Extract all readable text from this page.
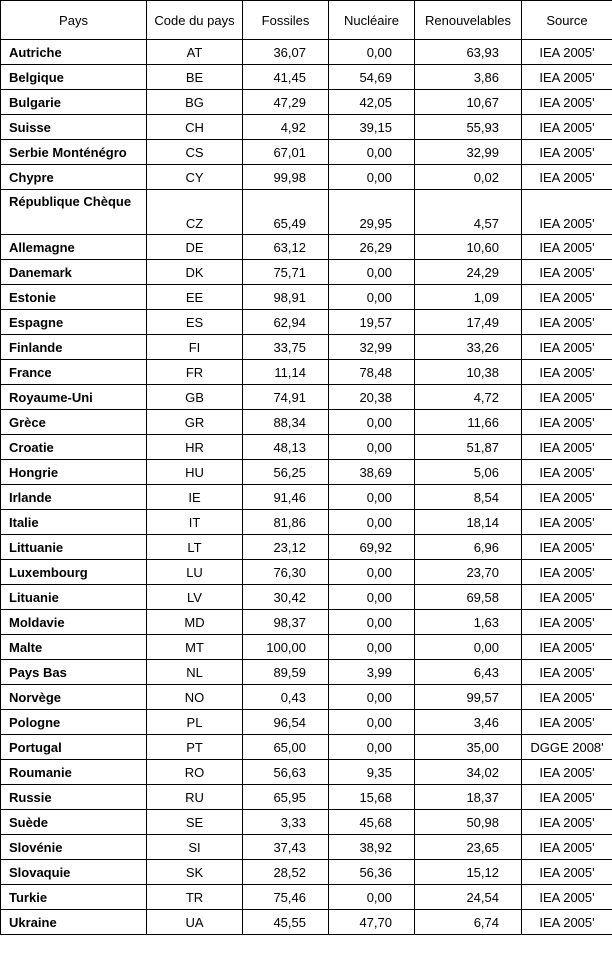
Pays	Code du pays	Fossiles	Nucléaire	Renouvelables	Source
Autriche	AT	36,07	0,00	63,93	IEA 2005'
Belgique	BE	41,45	54,69	3,86	IEA 2005'
Bulgarie	BG	47,29	42,05	10,67	IEA 2005'
Suisse	CH	4,92	39,15	55,93	IEA 2005'
Serbie Monténégro	CS	67,01	0,00	32,99	IEA 2005'
Chypre	CY	99,98	0,00	0,02	IEA 2005'
République Chèque	CZ	65,49	29,95	4,57	IEA 2005'
Allemagne	DE	63,12	26,29	10,60	IEA 2005'
Danemark	DK	75,71	0,00	24,29	IEA 2005'
Estonie	EE	98,91	0,00	1,09	IEA 2005'
Espagne	ES	62,94	19,57	17,49	IEA 2005'
Finlande	FI	33,75	32,99	33,26	IEA 2005'
France	FR	11,14	78,48	10,38	IEA 2005'
Royaume-Uni	GB	74,91	20,38	4,72	IEA 2005'
Grèce	GR	88,34	0,00	11,66	IEA 2005'
Croatie	HR	48,13	0,00	51,87	IEA 2005'
Hongrie	HU	56,25	38,69	5,06	IEA 2005'
Irlande	IE	91,46	0,00	8,54	IEA 2005'
Italie	IT	81,86	0,00	18,14	IEA 2005'
Littuanie	LT	23,12	69,92	6,96	IEA 2005'
Luxembourg	LU	76,30	0,00	23,70	IEA 2005'
Lituanie	LV	30,42	0,00	69,58	IEA 2005'
Moldavie	MD	98,37	0,00	1,63	IEA 2005'
Malte	MT	100,00	0,00	0,00	IEA 2005'
Pays Bas	NL	89,59	3,99	6,43	IEA 2005'
Norvège	NO	0,43	0,00	99,57	IEA 2005'
Pologne	PL	96,54	0,00	3,46	IEA 2005'
Portugal	PT	65,00	0,00	35,00	DGGE 2008'
Roumanie	RO	56,63	9,35	34,02	IEA 2005'
Russie	RU	65,95	15,68	18,37	IEA 2005'
Suède	SE	3,33	45,68	50,98	IEA 2005'
Slovénie	SI	37,43	38,92	23,65	IEA 2005'
Slovaquie	SK	28,52	56,36	15,12	IEA 2005'
Turkie	TR	75,46	0,00	24,54	IEA 2005'
Ukraine	UA	45,55	47,70	6,74	IEA 2005'
